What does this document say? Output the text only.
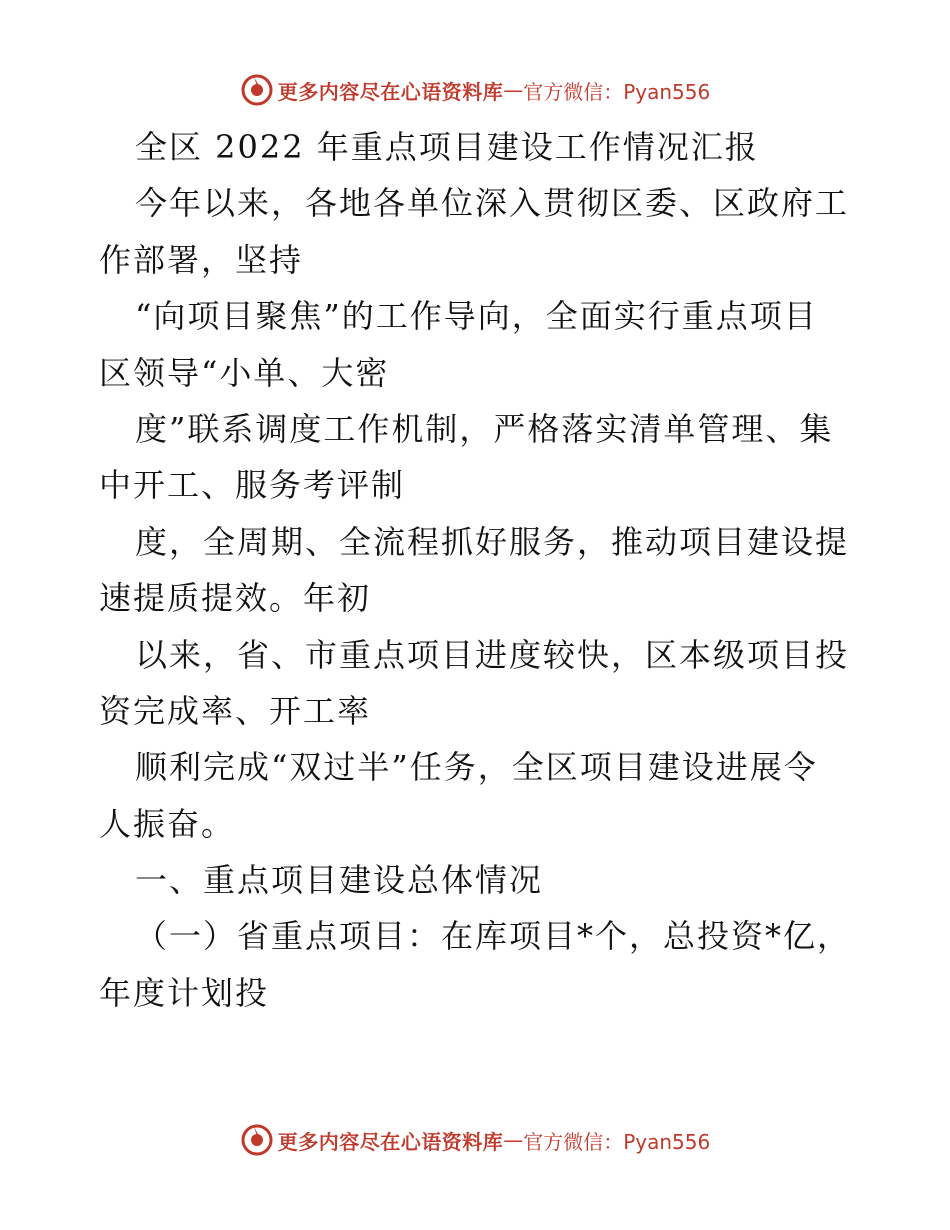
更多内容尽在心语资料库 — 官方微信：Pyan556
全区 2022 年重点项目建设工作情况汇报
今年以来，各地各单位深入贯彻区委、区政府工
作部署，坚持
“向项目聚焦”的工作导向，全面实行重点项目
区领导“小单、大密
度”联系调度工作机制，严格落实清单管理、集
中开工、服务考评制
度，全周期、全流程抓好服务，推动项目建设提
速提质提效。年初
以来，省、市重点项目进度较快，区本级项目投
资完成率、开工率
顺利完成“双过半”任务，全区项目建设进展令
人振奋。
一、重点项目建设总体情况
（一）省重点项目：在库项目*个，总投资*亿，
年度计划投
更多内容尽在心语资料库 — 官方微信：Pyan556
